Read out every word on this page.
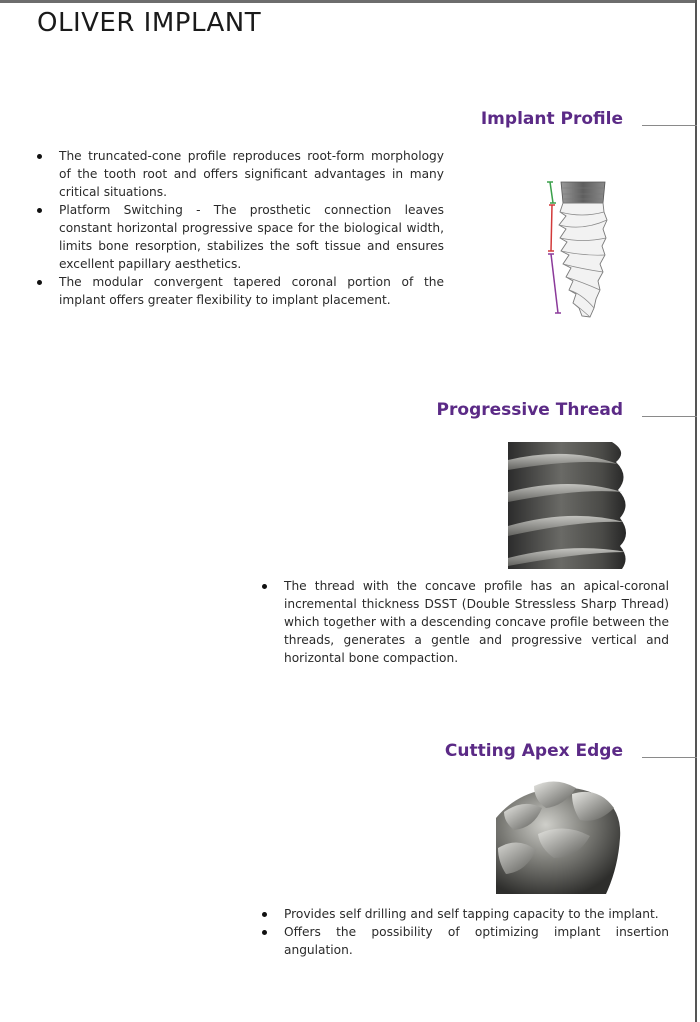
OLIVER IMPLANT
Implant Profile
The truncated-cone profile reproduces root-form morphology of the tooth root and offers significant advantages in many critical situations.
Platform Switching - The prosthetic connection leaves constant horizontal progressive space for the biological width, limits bone resorption, stabilizes the soft tissue and ensures excellent papillary aesthetics.
The modular convergent tapered coronal portion of the implant offers greater flexibility to implant placement.
Progressive Thread
The thread with the concave profile has an apical-coronal incremental thickness DSST (Double Stressless Sharp Thread) which together with a descending concave profile between the threads, generates a gentle and progressive vertical and horizontal bone compaction.
Cutting Apex Edge
Provides self drilling and self tapping capacity to the implant.
Offers the possibility of optimizing implant insertion angulation.
